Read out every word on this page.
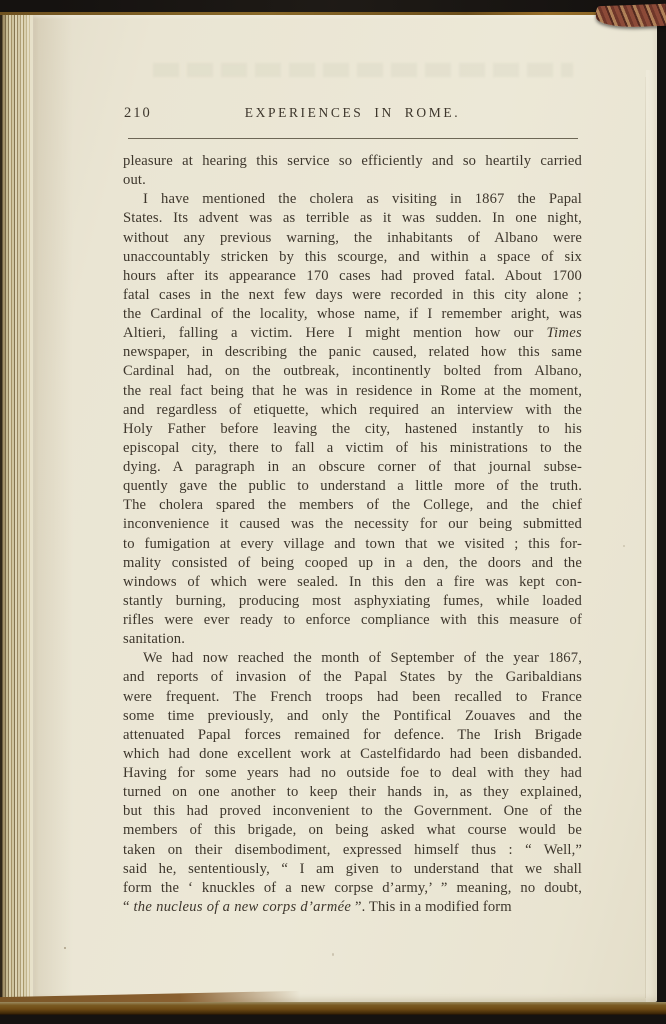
210	EXPERIENCES IN ROME.
pleasure at hearing this service so efficiently and so heartily carried
out.
I have mentioned the cholera as visiting in 1867 the Papal
States. Its advent was as terrible as it was sudden. In one night,
without any previous warning, the inhabitants of Albano were
unaccountably stricken by this scourge, and within a space of six
hours after its appearance 170 cases had proved fatal. About 1700
fatal cases in the next few days were recorded in this city alone ;
the Cardinal of the locality, whose name, if I remember aright, was
Altieri, falling a victim. Here I might mention how our Times
newspaper, in describing the panic caused, related how this same
Cardinal had, on the outbreak, incontinently bolted from Albano,
the real fact being that he was in residence in Rome at the moment,
and regardless of etiquette, which required an interview with the
Holy Father before leaving the city, hastened instantly to his
episcopal city, there to fall a victim of his ministrations to the
dying. A paragraph in an obscure corner of that journal subse-
quently gave the public to understand a little more of the truth.
The cholera spared the members of the College, and the chief
inconvenience it caused was the necessity for our being submitted
to fumigation at every village and town that we visited ; this for-
mality consisted of being cooped up in a den, the doors and the
windows of which were sealed. In this den a fire was kept con-
stantly burning, producing most asphyxiating fumes, while loaded
rifles were ever ready to enforce compliance with this measure of
sanitation.
We had now reached the month of September of the year 1867,
and reports of invasion of the Papal States by the Garibaldians
were frequent. The French troops had been recalled to France
some time previously, and only the Pontifical Zouaves and the
attenuated Papal forces remained for defence. The Irish Brigade
which had done excellent work at Castelfidardo had been disbanded.
Having for some years had no outside foe to deal with they had
turned on one another to keep their hands in, as they explained,
but this had proved inconvenient to the Government. One of the
members of this brigade, on being asked what course would be
taken on their disembodiment, expressed himself thus : “ Well,”
said he, sententiously, “ I am given to understand that we shall
form the ‘ knuckles of a new corpse d’army,’ ” meaning, no doubt,
“ the nucleus of a new corps d’armée ”. This in a modified form
